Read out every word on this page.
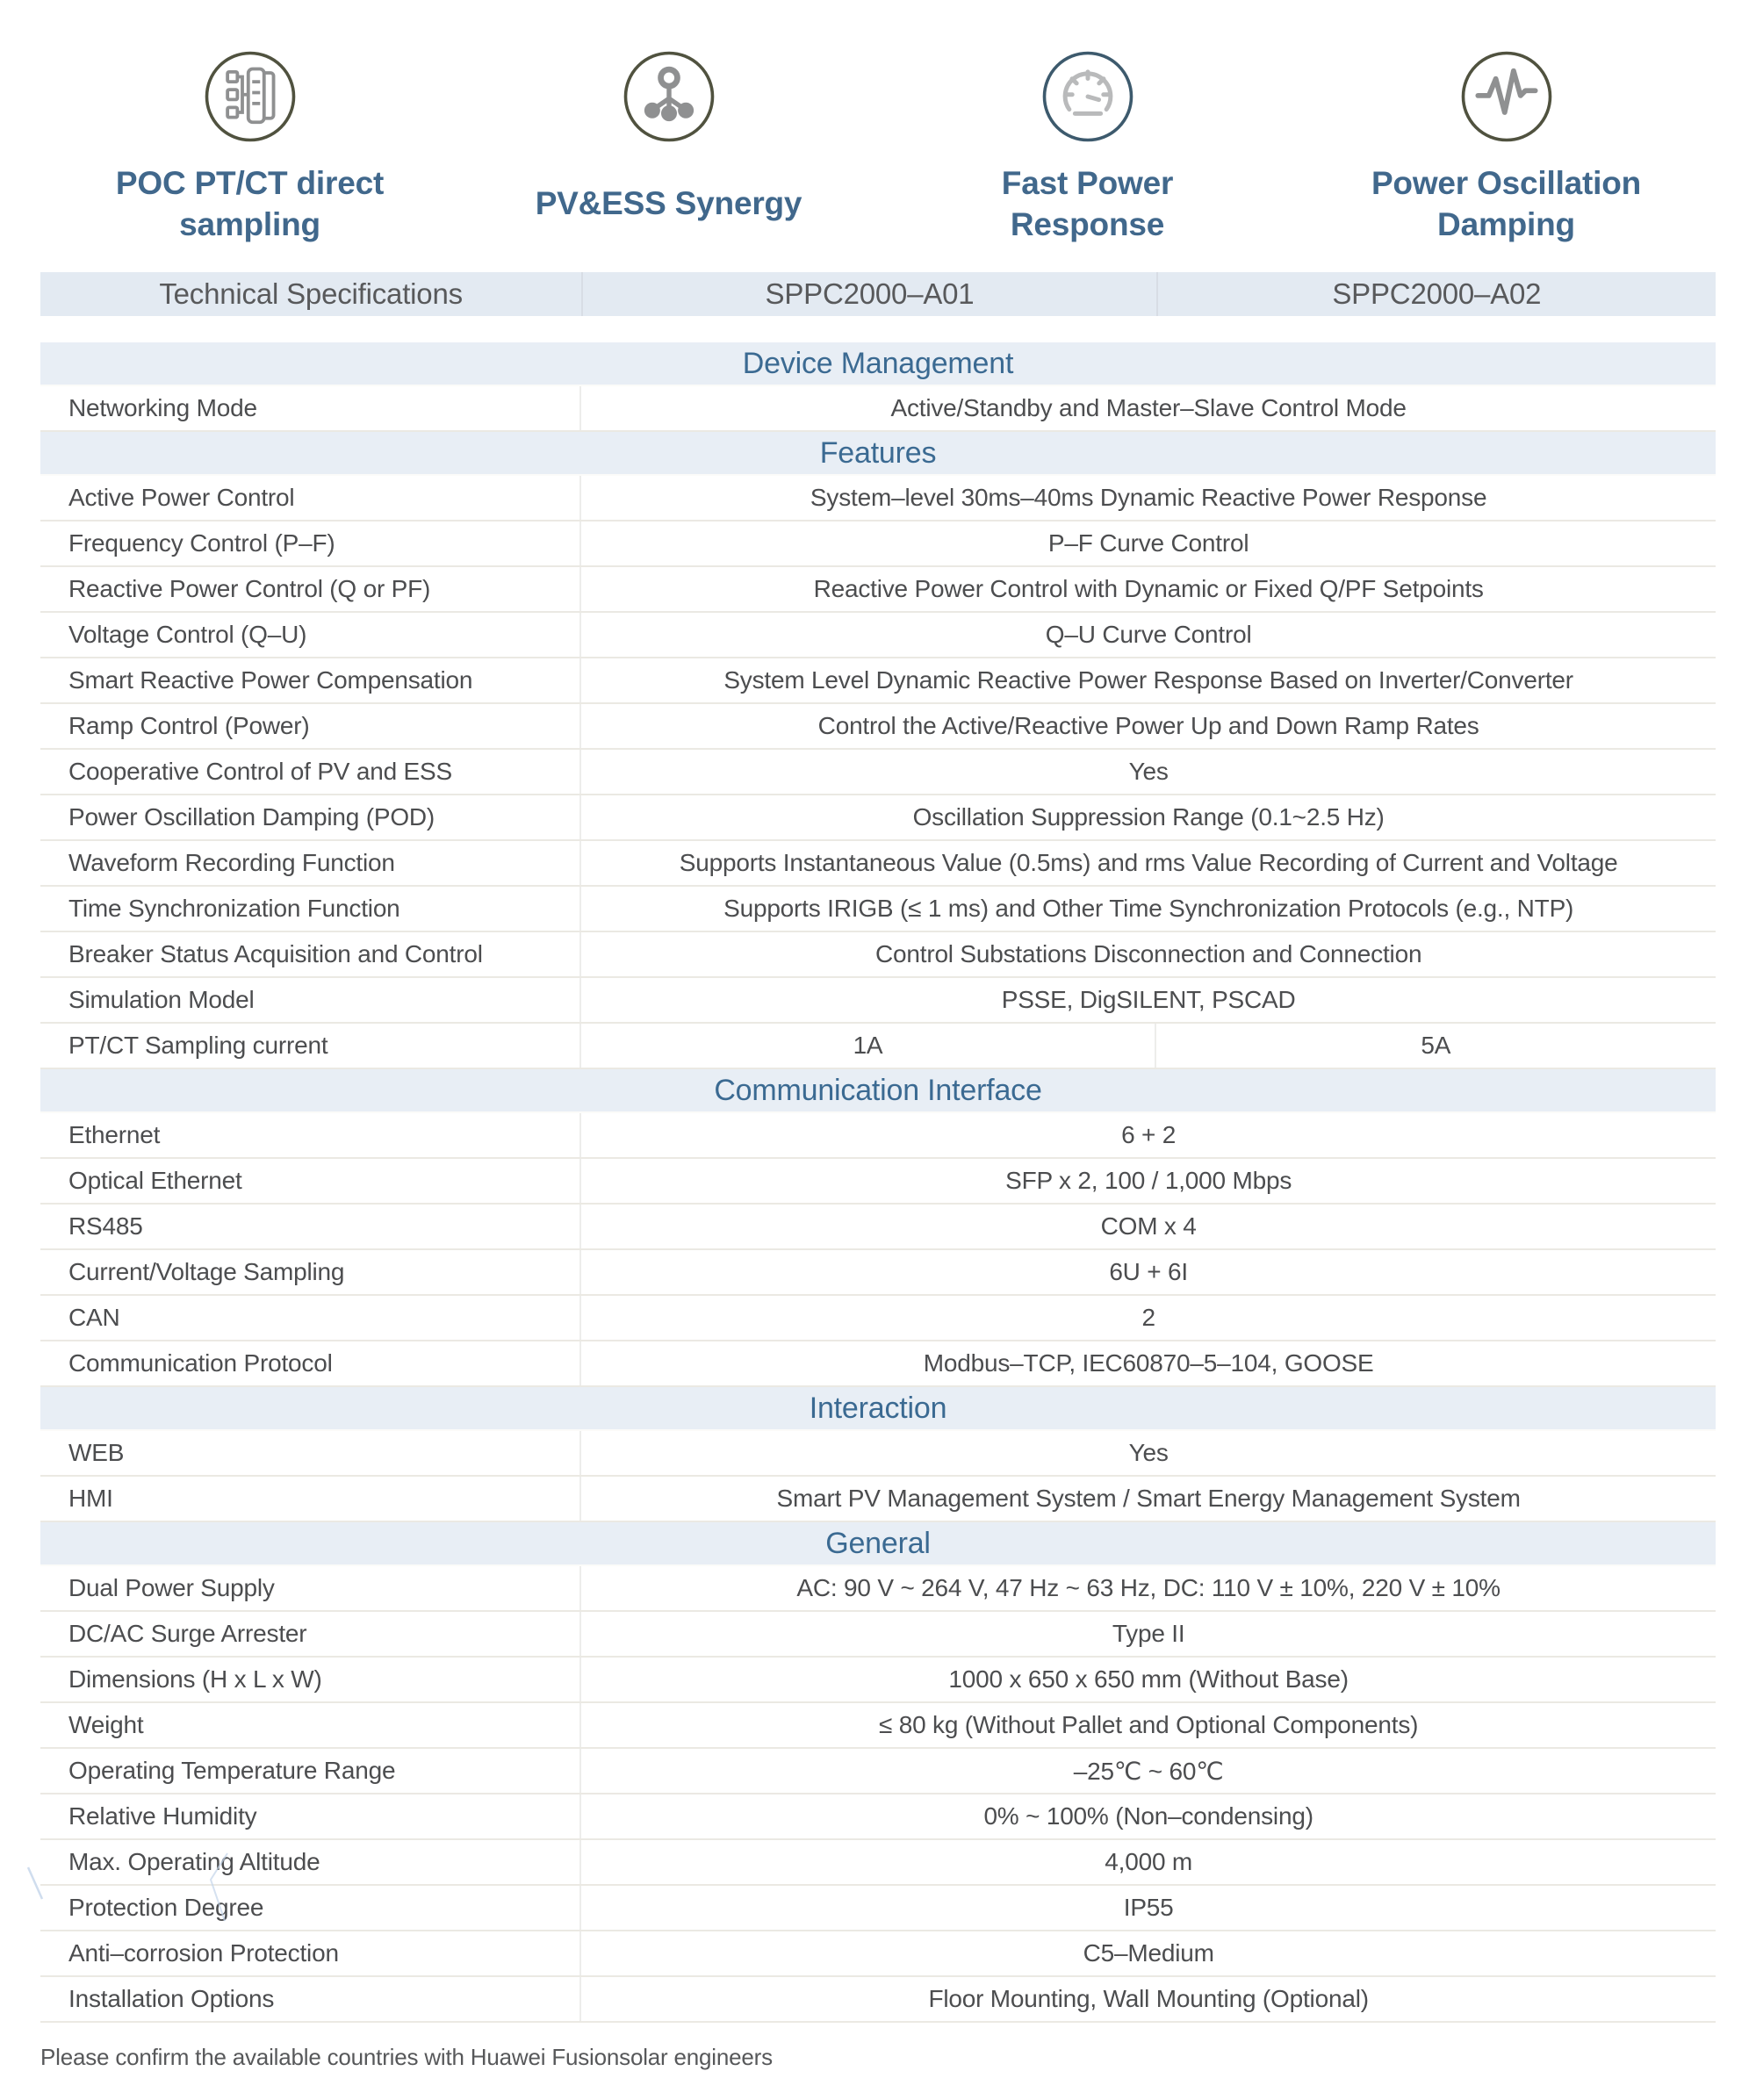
POC PT/CT direct sampling
PV&ESS Synergy
Fast Power Response
Power Oscillation Damping
Technical Specifications	SPPC2000–A01	SPPC2000–A02
Device Management
Networking Mode	Active/Standby and Master–Slave Control Mode
Features
Active Power Control	System–level 30ms–40ms Dynamic Reactive Power Response
Frequency Control (P–F)	P–F Curve Control
Reactive Power Control (Q or PF)	Reactive Power Control with Dynamic or Fixed Q/PF Setpoints
Voltage Control (Q–U)	Q–U Curve Control
Smart Reactive Power Compensation	System Level Dynamic Reactive Power Response Based on Inverter/Converter
Ramp Control (Power)	Control the Active/Reactive Power Up and Down Ramp Rates
Cooperative Control of PV and ESS	Yes
Power Oscillation Damping (POD)	Oscillation Suppression Range (0.1~2.5 Hz)
Waveform Recording Function	Supports Instantaneous Value (0.5ms) and rms Value Recording of Current and Voltage
Time Synchronization Function	Supports IRIGB (≤ 1 ms) and Other Time Synchronization Protocols (e.g., NTP)
Breaker Status Acquisition and Control	Control Substations Disconnection and Connection
Simulation Model	PSSE, DigSILENT, PSCAD
PT/CT Sampling current	1A	5A
Communication Interface
Ethernet	6 + 2
Optical Ethernet	SFP x 2, 100 / 1,000 Mbps
RS485	COM x 4
Current/Voltage Sampling	6U + 6I
CAN	2
Communication Protocol	Modbus–TCP, IEC60870–5–104, GOOSE
Interaction
WEB	Yes
HMI	Smart PV Management System / Smart Energy Management System
General
Dual Power Supply	AC: 90 V ~ 264 V, 47 Hz ~ 63 Hz, DC: 110 V ± 10%, 220 V ± 10%
DC/AC Surge Arrester	Type II
Dimensions (H x L x W)	1000 x 650 x 650 mm (Without Base)
Weight	≤ 80 kg (Without Pallet and Optional Components)
Operating Temperature Range	–25℃ ~ 60℃
Relative Humidity	0% ~ 100% (Non–condensing)
Max. Operating Altitude	4,000 m
Protection Degree	IP55
Anti–corrosion Protection	C5–Medium
Installation Options	Floor Mounting, Wall Mounting (Optional)
Please confirm the available countries with Huawei Fusionsolar engineers
